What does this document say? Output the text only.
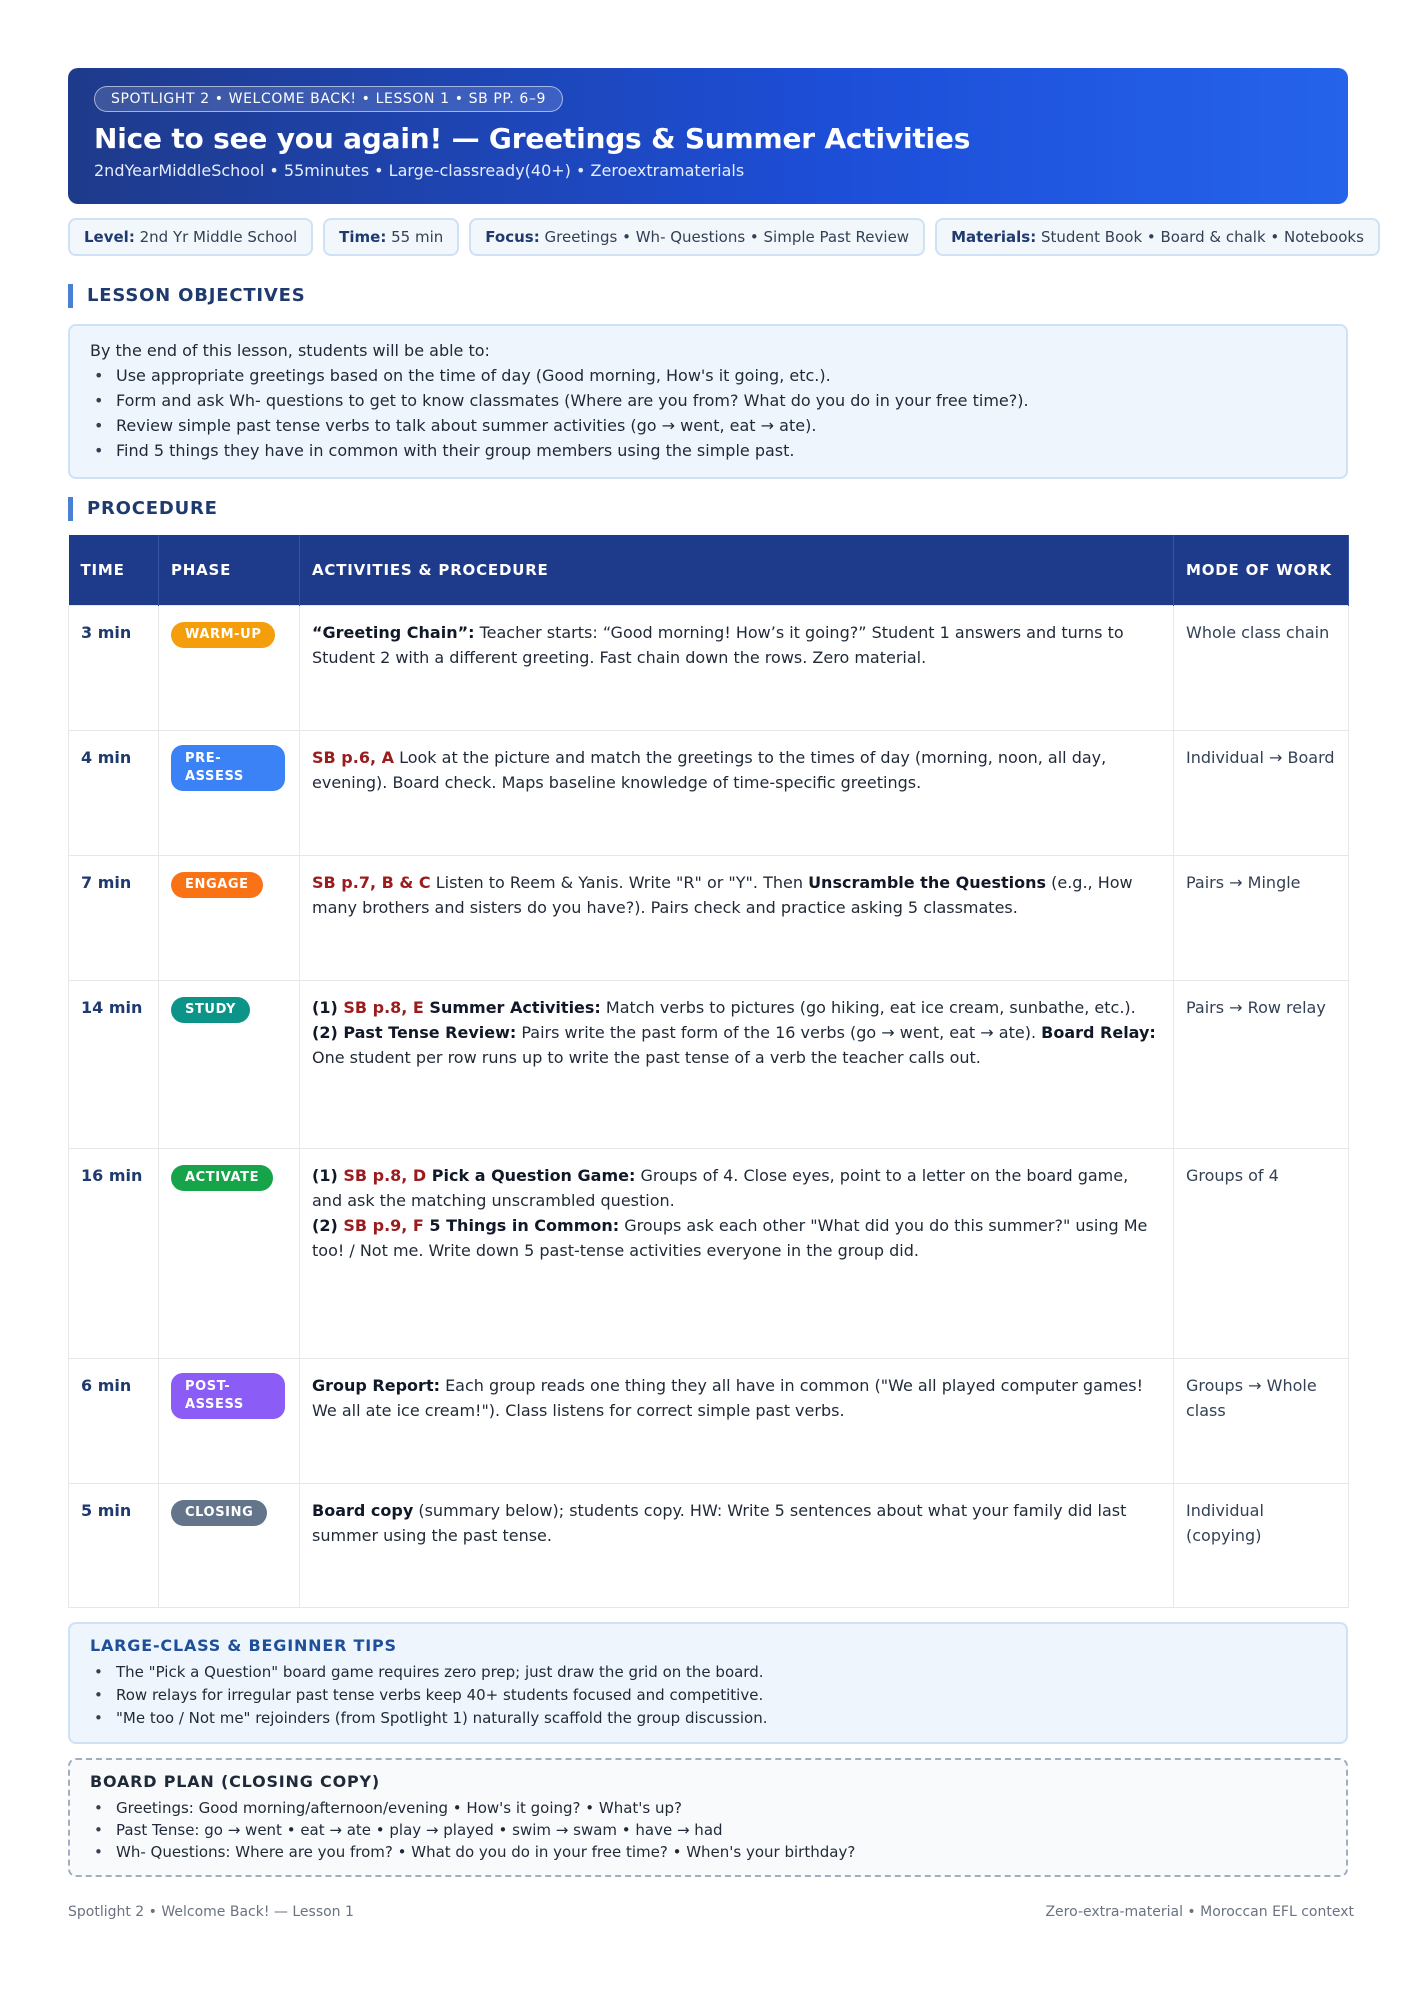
SPOTLIGHT 2 • WELCOME BACK! • LESSON 1 • SB PP. 6–9
Nice to see you again! — Greetings & Summer Activities
2ndYearMiddleSchool • 55minutes • Large-classready(40+) • Zeroextramaterials
Level: 2nd Yr Middle School	Time: 55 min	Focus: Greetings • Wh- Questions • Simple Past Review	Materials: Student Book • Board & chalk • Notebooks
LESSON OBJECTIVES
By the end of this lesson, students will be able to:
• Use appropriate greetings based on the time of day (Good morning, How's it going, etc.).
• Form and ask Wh- questions to get to know classmates (Where are you from? What do you do in your free time?).
• Review simple past tense verbs to talk about summer activities (go → went, eat → ate).
• Find 5 things they have in common with their group members using the simple past.
PROCEDURE
TIME	PHASE	ACTIVITIES & PROCEDURE	MODE OF WORK
3 min	WARM-UP	“Greeting Chain”: Teacher starts: “Good morning! How’s it going?” Student 1 answers and turns to Student 2 with a different greeting. Fast chain down the rows. Zero material.	Whole class chain
4 min	PRE-
ASSESS	SB p.6, A Look at the picture and match the greetings to the times of day (morning, noon, all day, evening). Board check. Maps baseline knowledge of time-specific greetings.	Individual → Board
7 min	ENGAGE	SB p.7, B & C Listen to Reem & Yanis. Write "R" or "Y". Then Unscramble the Questions (e.g., How many brothers and sisters do you have?). Pairs check and practice asking 5 classmates.	Pairs → Mingle
14 min	STUDY	(1) SB p.8, E Summer Activities: Match verbs to pictures (go hiking, eat ice cream, sunbathe, etc.).
(2) Past Tense Review: Pairs write the past form of the 16 verbs (go → went, eat → ate). Board Relay: One student per row runs up to write the past tense of a verb the teacher calls out.	Pairs → Row relay
16 min	ACTIVATE	(1) SB p.8, D Pick a Question Game: Groups of 4. Close eyes, point to a letter on the board game, and ask the matching unscrambled question.
(2) SB p.9, F 5 Things in Common: Groups ask each other "What did you do this summer?" using Me too! / Not me. Write down 5 past-tense activities everyone in the group did.	Groups of 4
6 min	POST-
ASSESS	Group Report: Each group reads one thing they all have in common ("We all played computer games! We all ate ice cream!"). Class listens for correct simple past verbs.	Groups → Whole class
5 min	CLOSING	Board copy (summary below); students copy. HW: Write 5 sentences about what your family did last summer using the past tense.	Individual (copying)
LARGE-CLASS & BEGINNER TIPS
• The "Pick a Question" board game requires zero prep; just draw the grid on the board.
• Row relays for irregular past tense verbs keep 40+ students focused and competitive.
• "Me too / Not me" rejoinders (from Spotlight 1) naturally scaffold the group discussion.
BOARD PLAN (CLOSING COPY)
• Greetings: Good morning/afternoon/evening • How's it going? • What's up?
• Past Tense: go → went • eat → ate • play → played • swim → swam • have → had
• Wh- Questions: Where are you from? • What do you do in your free time? • When's your birthday?
Spotlight 2 • Welcome Back! — Lesson 1	Zero-extra-material • Moroccan EFL context
